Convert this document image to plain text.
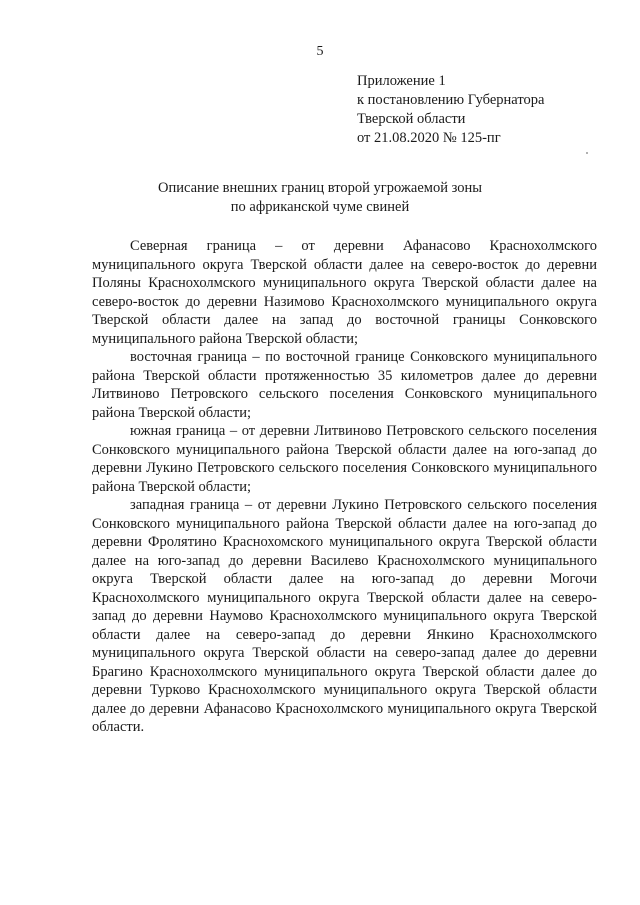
5
Приложение 1
к постановлению Губернатора
Тверской области
от 21.08.2020 № 125-пг
Описание внешних границ второй угрожаемой зоны
по африканской чуме свиней

Северная граница – от деревни Афанасово Краснохолмского муниципального округа Тверской области далее на северо-восток до деревни Поляны Краснохолмского муниципального округа Тверской области далее на северо-восток до деревни Назимово Краснохолмского муниципального округа Тверской области далее на запад до восточной границы Сонковского муниципального района Тверской области;

восточная граница – по восточной границе Сонковского муниципального района Тверской области протяженностью 35 километров далее до деревни Литвиново Петровского сельского поселения Сонковского муниципального района Тверской области;

южная граница – от деревни Литвиново Петровского сельского поселения Сонковского муниципального района Тверской области далее на юго-запад до деревни Лукино Петровского сельского поселения Сонковского муниципального района Тверской области;

западная граница – от деревни Лукино Петровского сельского поселения Сонковского муниципального района Тверской области далее на юго-запад до деревни Фролятино Краснохомского муниципального округа Тверской области далее на юго-запад до деревни Василево Краснохолмского муниципального округа Тверской области далее на юго-запад до деревни Могочи Краснохолмского муниципального округа Тверской области далее на северо-запад до деревни Наумово Краснохолмского муниципального округа Тверской области далее на северо-запад до деревни Янкино Краснохолмского муниципального округа Тверской области на северо-запад далее до деревни Брагино Краснохолмского муниципального округа Тверской области далее до деревни Турково Краснохолмского муниципального округа Тверской области далее до деревни Афанасово Краснохолмского муниципального округа Тверской области.
